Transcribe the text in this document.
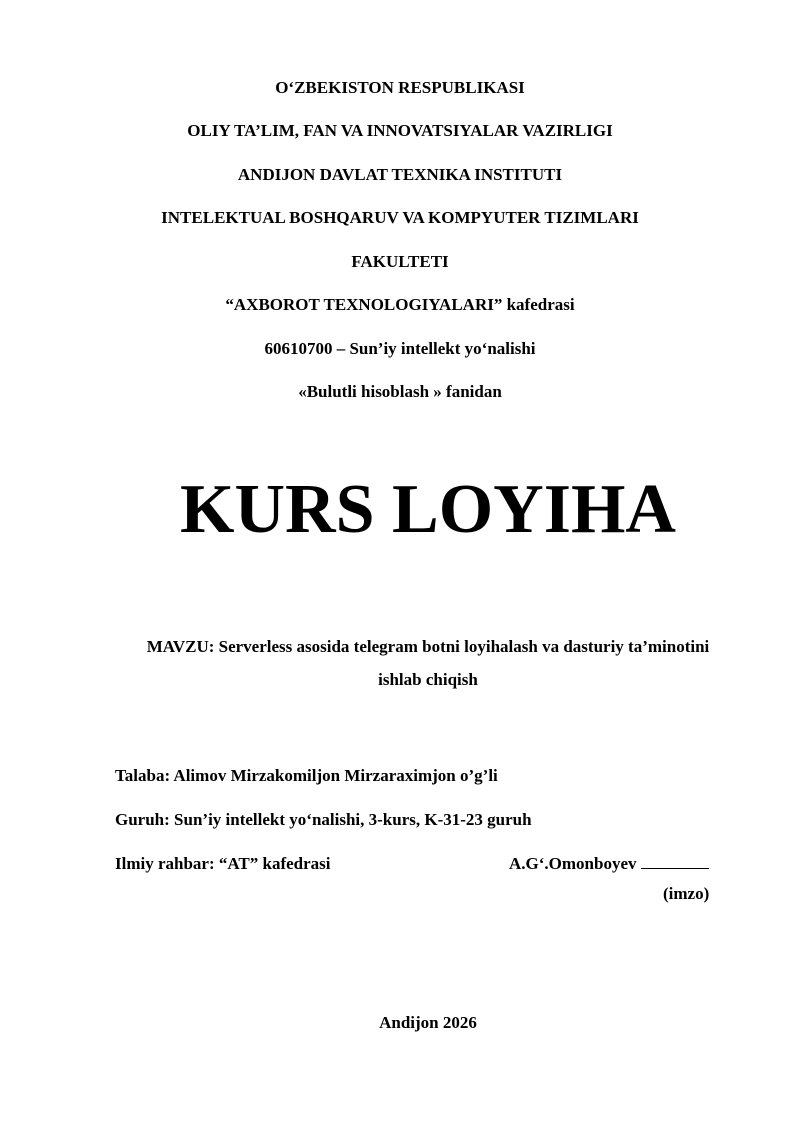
O‘ZBEKISTON RESPUBLIKASI
OLIY TA’LIM, FAN VA INNOVATSIYALAR VAZIRLIGI
ANDIJON DAVLAT TEXNIKA INSTITUTI
INTELEKTUAL BOSHQARUV VA KOMPYUTER TIZIMLARI
FAKULTETI
“AXBOROT TEXNOLOGIYALARI” kafedrasi
60610700 – Sun’iy intellekt yo‘nalishi
«Bulutli hisoblash » fanidan
KURS LOYIHA
MAVZU: Serverless asosida telegram botni loyihalash va dasturiy ta’minotini
ishlab chiqish
Talaba: Alimov Mirzakomiljon Mirzaraximjon o’g’li
Guruh: Sun’iy intellekt yo‘nalishi, 3-kurs, K-31-23 guruh
Ilmiy rahbar: “AT” kafedrasi	A.G‘.Omonboyev
(imzo)
Andijon 2026
